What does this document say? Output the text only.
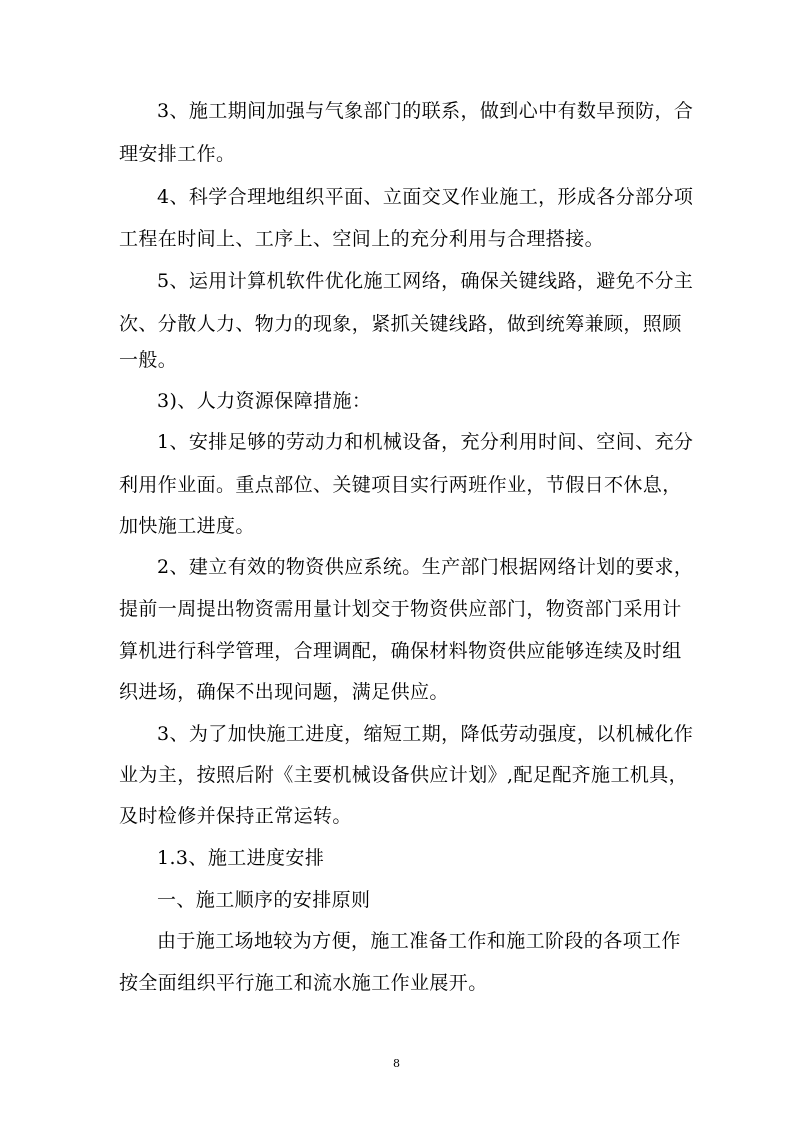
3、施工期间加强与气象部门的联系，做到心中有数早预防，合
理安排工作。
4、科学合理地组织平面、立面交叉作业施工，形成各分部分项
工程在时间上、工序上、空间上的充分利用与合理搭接。
5、运用计算机软件优化施工网络，确保关键线路，避免不分主
次、分散人力、物力的现象，紧抓关键线路，做到统筹兼顾，照顾
一般。
3)、人力资源保障措施：
1、安排足够的劳动力和机械设备，充分利用时间、空间、充分
利用作业面。重点部位、关键项目实行两班作业，节假日不休息，
加快施工进度。
2、建立有效的物资供应系统。生产部门根据网络计划的要求，
提前一周提出物资需用量计划交于物资供应部门，物资部门采用计
算机进行科学管理，合理调配，确保材料物资供应能够连续及时组
织进场，确保不出现问题，满足供应。
3、为了加快施工进度，缩短工期，降低劳动强度，以机械化作
业为主，按照后附《主要机械设备供应计划》,配足配齐施工机具，
及时检修并保持正常运转。
1.3、施工进度安排
一、施工顺序的安排原则
由于施工场地较为方便，施工准备工作和施工阶段的各项工作
按全面组织平行施工和流水施工作业展开。
8
